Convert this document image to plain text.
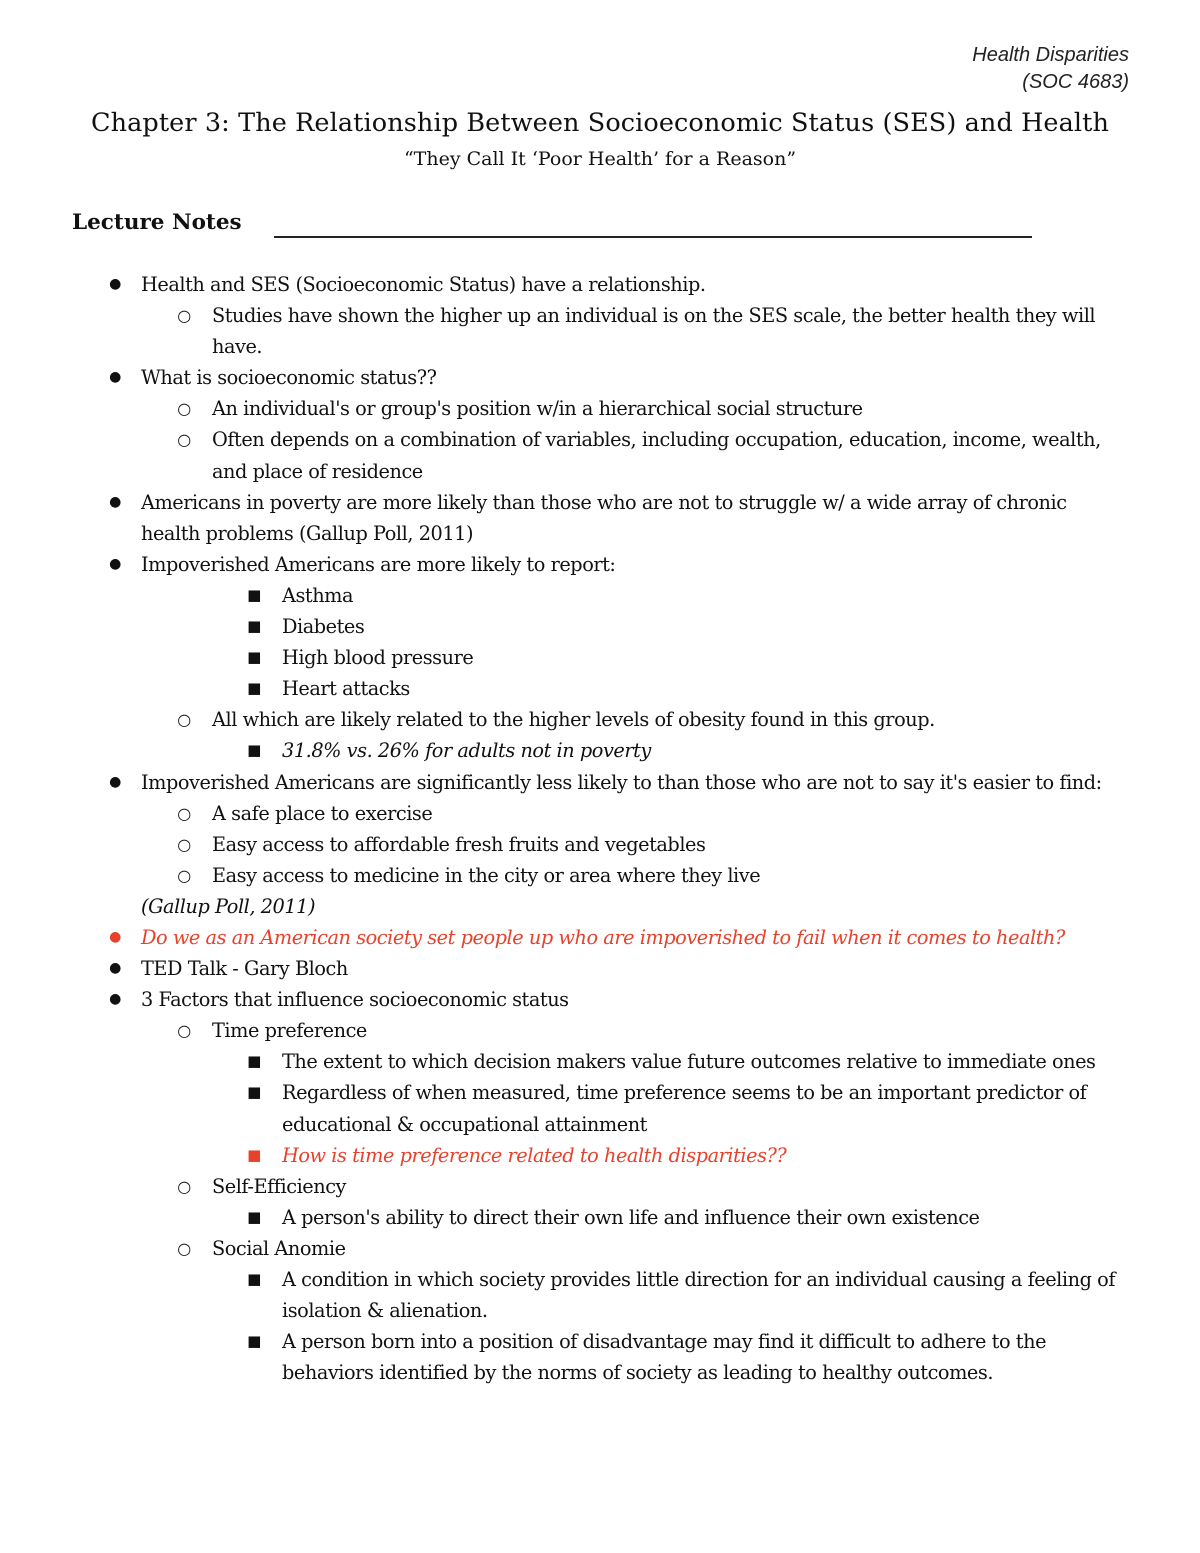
Health Disparities
(SOC 4683)
Chapter 3: The Relationship Between Socioeconomic Status (SES) and Health
“They Call It ‘Poor Health’ for a Reason”
Lecture Notes
● Health and SES (Socioeconomic Status) have a relationship.
○ Studies have shown the higher up an individual is on the SES scale, the better health they will have.
● What is socioeconomic status??
○ An individual's or group's position w/in a hierarchical social structure
○ Often depends on a combination of variables, including occupation, education, income, wealth, and place of residence
● Americans in poverty are more likely than those who are not to struggle w/ a wide array of chronic health problems (Gallup Poll, 2011)
● Impoverished Americans are more likely to report:
■ Asthma
■ Diabetes
■ High blood pressure
■ Heart attacks
○ All which are likely related to the higher levels of obesity found in this group.
■ 31.8% vs. 26% for adults not in poverty
● Impoverished Americans are significantly less likely to than those who are not to say it's easier to find:
○ A safe place to exercise
○ Easy access to affordable fresh fruits and vegetables
○ Easy access to medicine in the city or area where they live
(Gallup Poll, 2011)
● Do we as an American society set people up who are impoverished to fail when it comes to health?
● TED Talk - Gary Bloch
● 3 Factors that influence socioeconomic status
○ Time preference
■ The extent to which decision makers value future outcomes relative to immediate ones
■ Regardless of when measured, time preference seems to be an important predictor of educational & occupational attainment
■ How is time preference related to health disparities??
○ Self-Efficiency
■ A person's ability to direct their own life and influence their own existence
○ Social Anomie
■ A condition in which society provides little direction for an individual causing a feeling of isolation & alienation.
■ A person born into a position of disadvantage may find it difficult to adhere to the behaviors identified by the norms of society as leading to healthy outcomes.
